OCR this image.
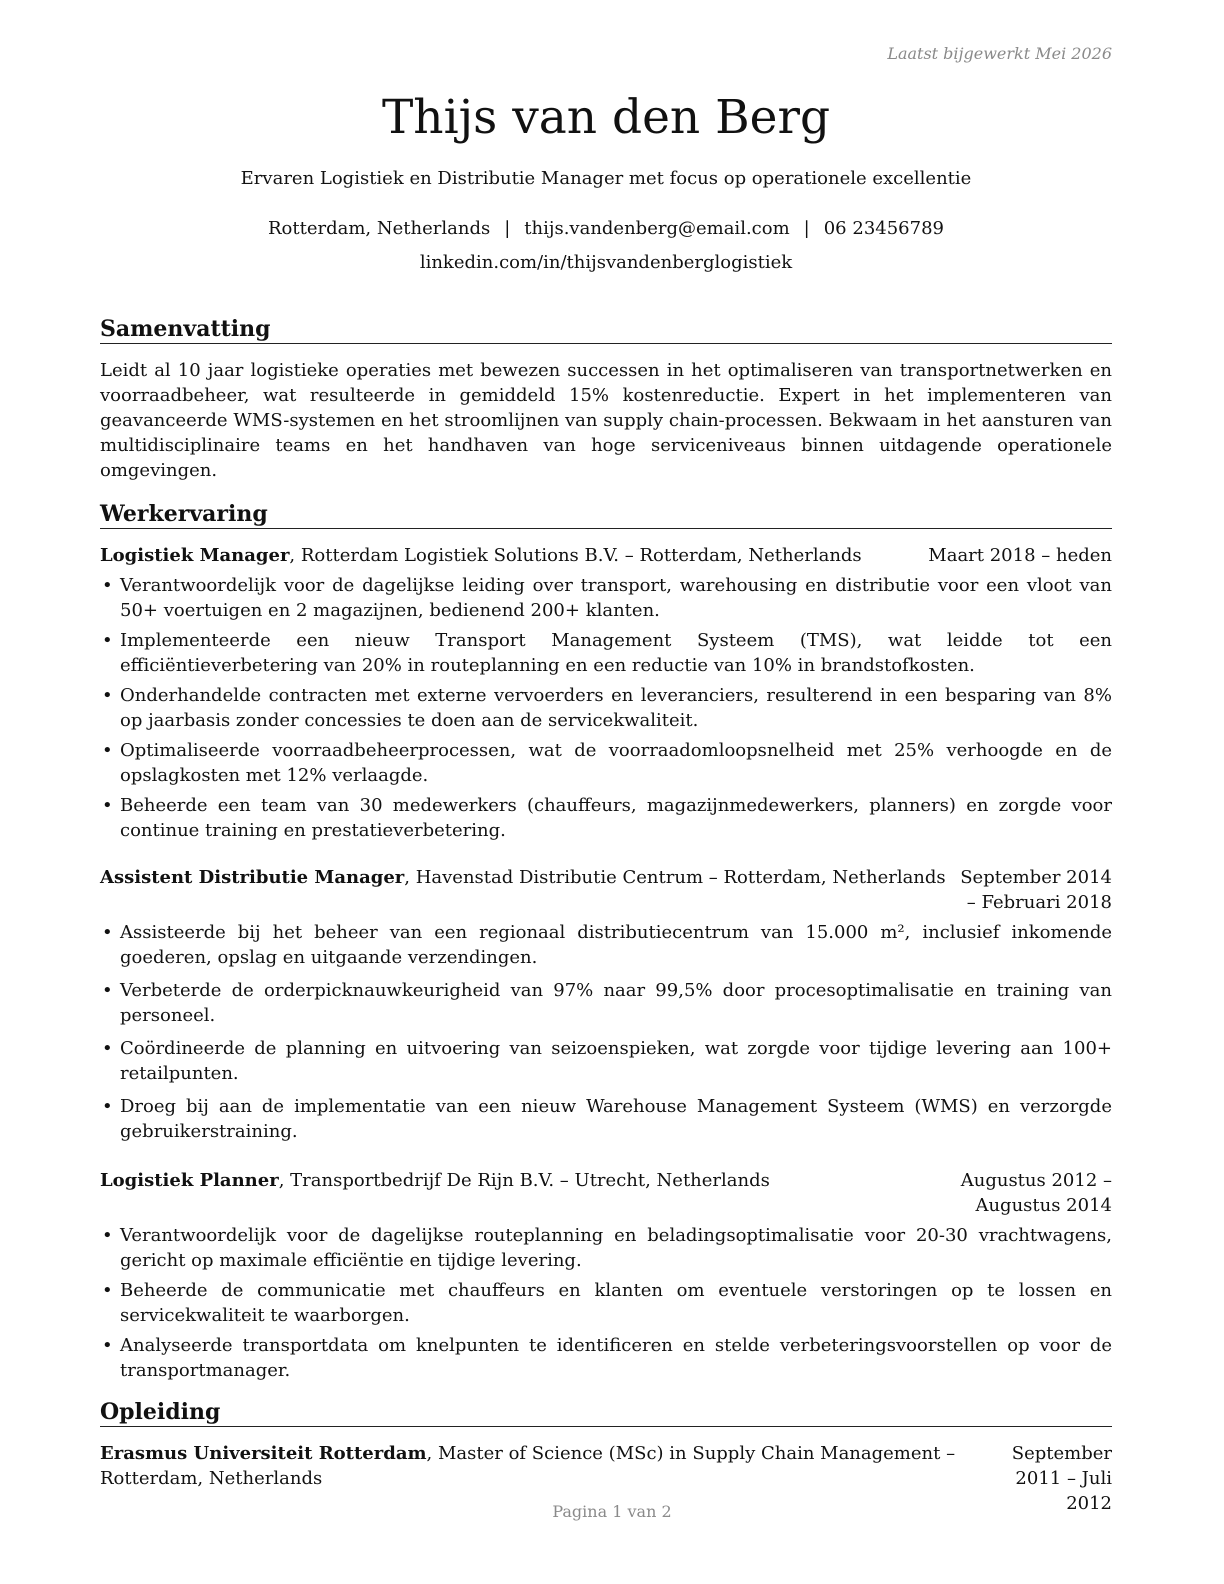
Laatst bijgewerkt Mei 2026
Thijs van den Berg
Ervaren Logistiek en Distributie Manager met focus op operationele excellentie
Rotterdam, Netherlands | thijs.vandenberg@email.com | 06 23456789
linkedin.com/in/thijsvandenberglogistiek
Samenvatting
Leidt al 10 jaar logistieke operaties met bewezen successen in het optimaliseren van transportnetwerken en voorraadbeheer, wat resulteerde in gemiddeld 15% kostenreductie. Expert in het implementeren van geavanceerde WMS-systemen en het stroomlijnen van supply chain-processen. Bekwaam in het aansturen van multidisciplinaire teams en het handhaven van hoge serviceniveaus binnen uitdagende operationele omgevingen.
Werkervaring
Logistiek Manager, Rotterdam Logistiek Solutions B.V. – Rotterdam, Netherlands	Maart 2018 – heden
• Verantwoordelijk voor de dagelijkse leiding over transport, warehousing en distributie voor een vloot van 50+ voertuigen en 2 magazijnen, bedienend 200+ klanten.
• Implementeerde een nieuw Transport Management Systeem (TMS), wat leidde tot een efficiëntieverbetering van 20% in routeplanning en een reductie van 10% in brandstofkosten.
• Onderhandelde contracten met externe vervoerders en leveranciers, resulterend in een besparing van 8% op jaarbasis zonder concessies te doen aan de servicekwaliteit.
• Optimaliseerde voorraadbeheerprocessen, wat de voorraadomloopsnelheid met 25% verhoogde en de opslagkosten met 12% verlaagde.
• Beheerde een team van 30 medewerkers (chauffeurs, magazijnmedewerkers, planners) en zorgde voor continue training en prestatieverbetering.
Assistent Distributie Manager, Havenstad Distributie Centrum – Rotterdam, Netherlands September 2014 – Februari 2018
• Assisteerde bij het beheer van een regionaal distributiecentrum van 15.000 m², inclusief inkomende goederen, opslag en uitgaande verzendingen.
• Verbeterde de orderpicknauwkeurigheid van 97% naar 99,5% door procesoptimalisatie en training van personeel.
• Coördineerde de planning en uitvoering van seizoenspieken, wat zorgde voor tijdige levering aan 100+ retailpunten.
• Droeg bij aan de implementatie van een nieuw Warehouse Management Systeem (WMS) en verzorgde gebruikerstraining.
Logistiek Planner, Transportbedrijf De Rijn B.V. – Utrecht, Netherlands	Augustus 2012 – Augustus 2014
• Verantwoordelijk voor de dagelijkse routeplanning en beladingsoptimalisatie voor 20-30 vrachtwagens, gericht op maximale efficiëntie en tijdige levering.
• Beheerde de communicatie met chauffeurs en klanten om eventuele verstoringen op te lossen en servicekwaliteit te waarborgen.
• Analyseerde transportdata om knelpunten te identificeren en stelde verbeteringsvoorstellen op voor de transportmanager.
Opleiding
Erasmus Universiteit Rotterdam, Master of Science (MSc) in Supply Chain Management – Rotterdam, Netherlands
September 2011 – Juli 2012
Pagina 1 van 2
